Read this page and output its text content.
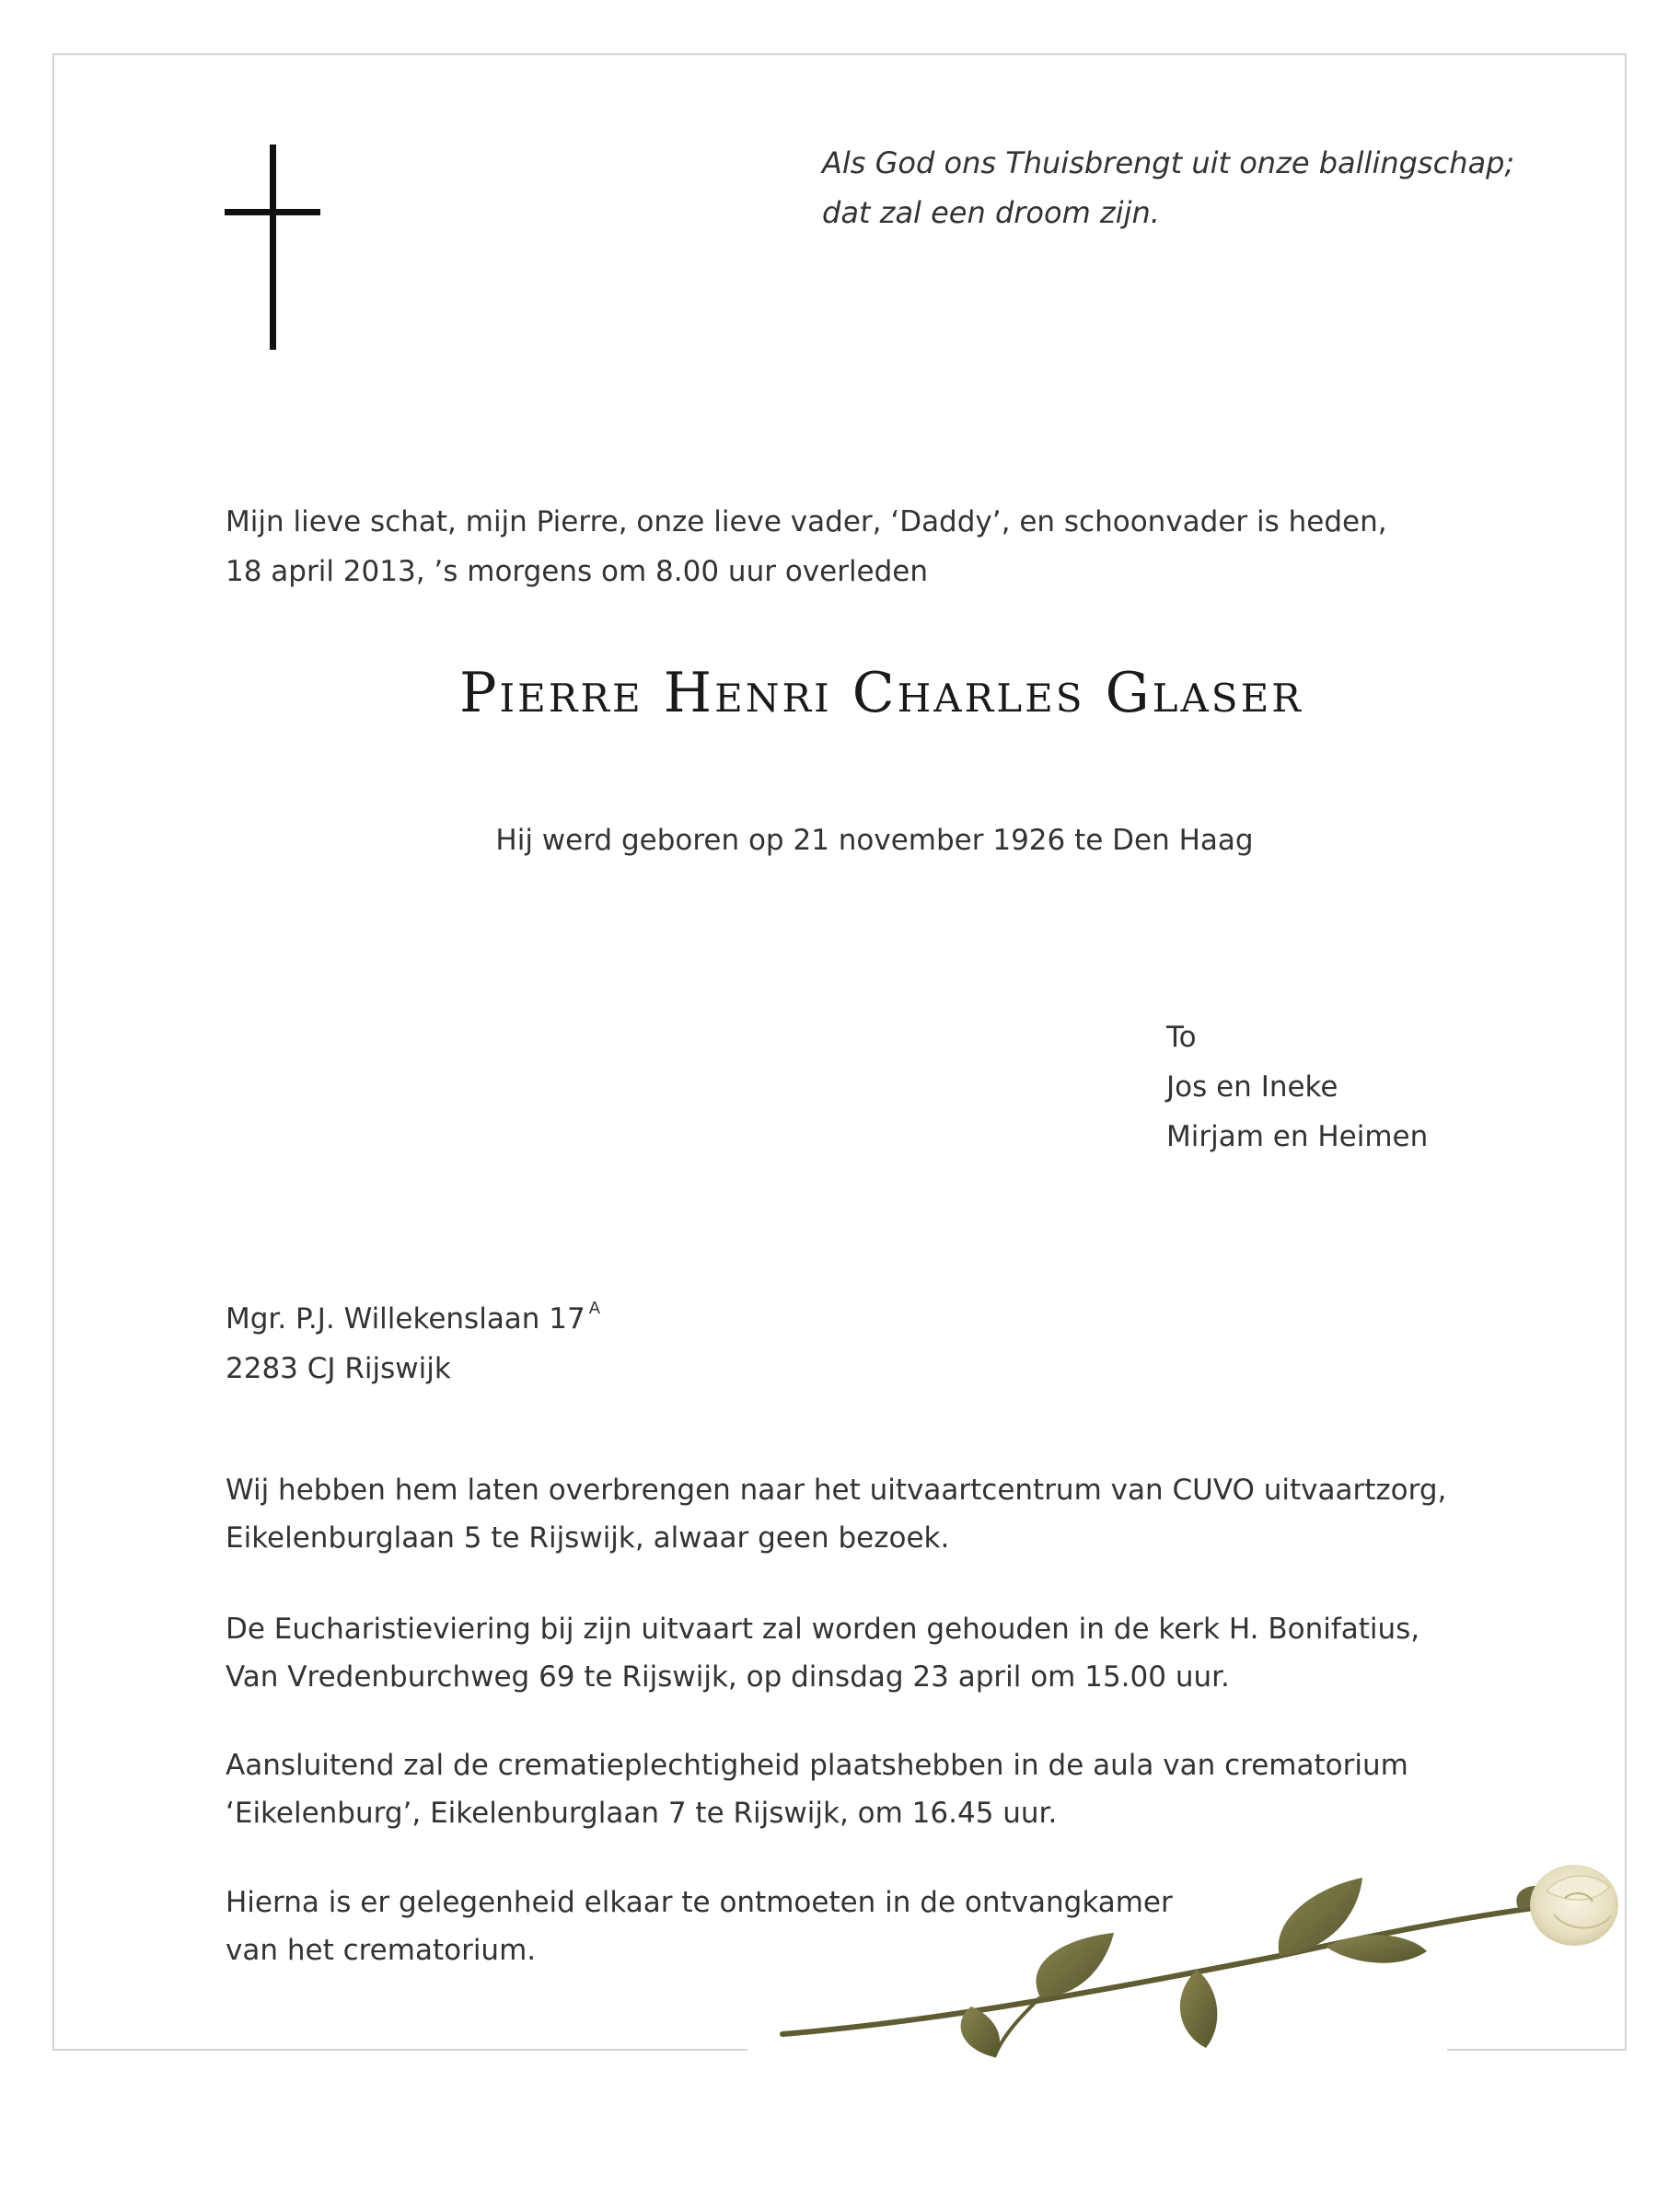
Als God ons Thuisbrengt uit onze ballingschap;
dat zal een droom zijn.
Mijn lieve schat, mijn Pierre, onze lieve vader, ‘Daddy’, en schoonvader is heden,
18 april 2013, ’s morgens om 8.00 uur overleden
Pierre Henri Charles Glaser
Hij werd geboren op 21 november 1926 te Den Haag
To
Jos en Ineke
Mirjam en Heimen
Mgr. P.J. Willekenslaan 17 $^A$
2283 CJ Rijswijk
Wij hebben hem laten overbrengen naar het uitvaartcentrum van CUVO uitvaartzorg,
Eikelenburglaan 5 te Rijswijk, alwaar geen bezoek.
De Eucharistieviering bij zijn uitvaart zal worden gehouden in de kerk H. Bonifatius,
Van Vredenburchweg 69 te Rijswijk, op dinsdag 23 april om 15.00 uur.
Aansluitend zal de crematieplechtigheid plaatshebben in de aula van crematorium
‘Eikelenburg’, Eikelenburglaan 7 te Rijswijk, om 16.45 uur.
Hierna is er gelegenheid elkaar te ontmoeten in de ontvangkamer
van het crematorium.
